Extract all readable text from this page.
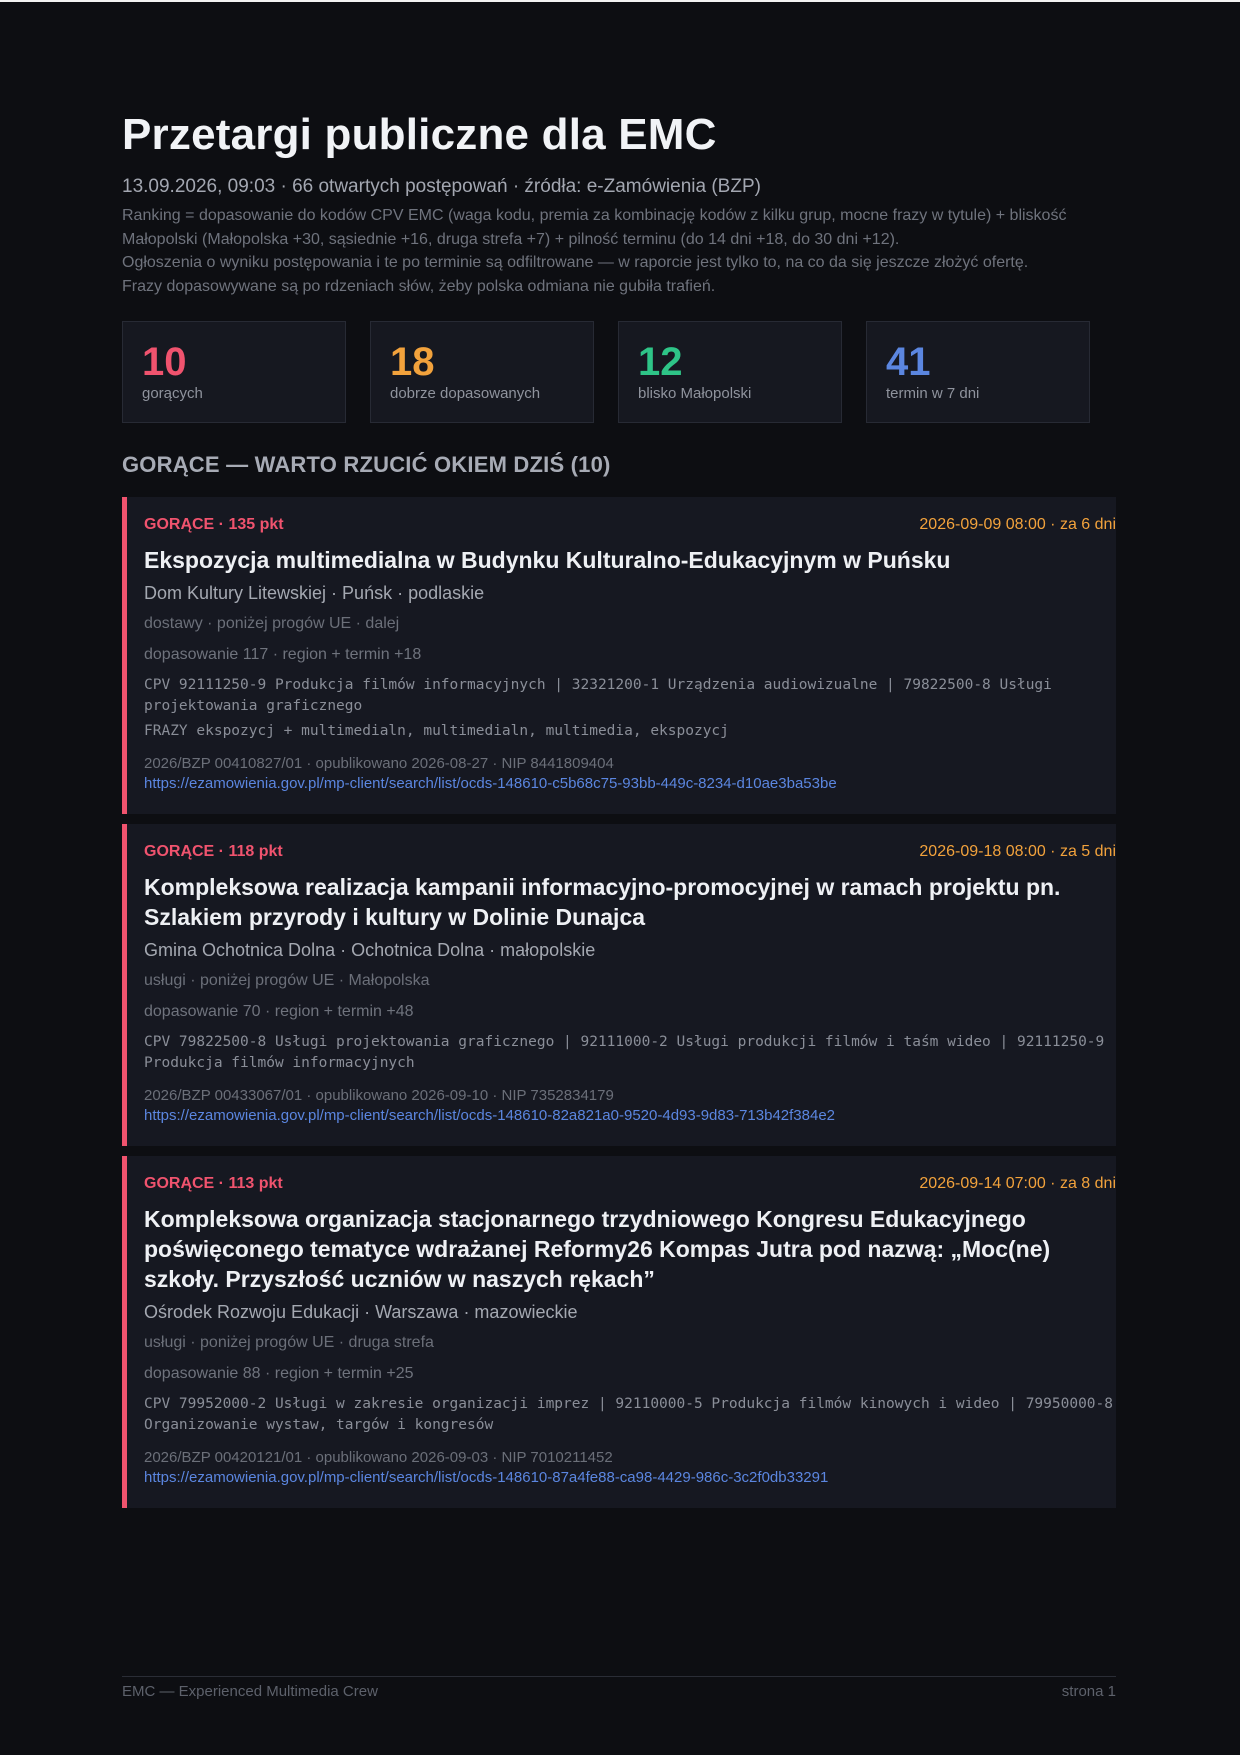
Przetargi publiczne dla EMC
13.09.2026, 09:03 · 66 otwartych postępowań · źródła: e-Zamówienia (BZP)

Ranking = dopasowanie do kodów CPV EMC (waga kodu, premia za kombinację kodów z kilku grup, mocne frazy w tytule) + bliskość Małopolski (Małopolska +30, sąsiednie +16, druga strefa +7) + pilność terminu (do 14 dni +18, do 30 dni +12).

Ogłoszenia o wyniku postępowania i te po terminie są odfiltrowane — w raporcie jest tylko to, na co da się jeszcze złożyć ofertę.

Frazy dopasowywane są po rdzeniach słów, żeby polska odmiana nie gubiła trafień.

10
gorących
18
dobrze dopasowanych
12
blisko Małopolski
41
termin w 7 dni
GORĄCE — WARTO RZUCIĆ OKIEM DZIŚ (10)
GORĄCE · 135 pkt	2026-09-09 08:00 · za 6 dni
Ekspozycja multimedialna w Budynku Kulturalno-Edukacyjnym w Puńsku
Dom Kultury Litewskiej · Puńsk · podlaskie
dostawy · poniżej progów UE · dalej
dopasowanie 117 · region + termin +18
CPV 92111250-9 Produkcja filmów informacyjnych | 32321200-1 Urządzenia audiowizualne | 79822500-8 Usługi projektowania graficznego
FRAZY ekspozycj + multimedialn, multimedialn, multimedia, ekspozycj
2026/BZP 00410827/01 · opublikowano 2026-08-27 · NIP 8441809404
https://ezamowienia.gov.pl/mp-client/search/list/ocds-148610-c5b68c75-93bb-449c-8234-d10ae3ba53be
GORĄCE · 118 pkt	2026-09-18 08:00 · za 5 dni
Kompleksowa realizacja kampanii informacyjno-promocyjnej w ramach projektu pn. Szlakiem przyrody i kultury w Dolinie Dunajca
Gmina Ochotnica Dolna · Ochotnica Dolna · małopolskie
usługi · poniżej progów UE · Małopolska
dopasowanie 70 · region + termin +48
CPV 79822500-8 Usługi projektowania graficznego | 92111000-2 Usługi produkcji filmów i taśm wideo | 92111250-9 Produkcja filmów informacyjnych
2026/BZP 00433067/01 · opublikowano 2026-09-10 · NIP 7352834179
https://ezamowienia.gov.pl/mp-client/search/list/ocds-148610-82a821a0-9520-4d93-9d83-713b42f384e2
GORĄCE · 113 pkt	2026-09-14 07:00 · za 8 dni
Kompleksowa organizacja stacjonarnego trzydniowego Kongresu Edukacyjnego poświęconego tematyce wdrażanej Reformy26 Kompas Jutra pod nazwą: „Moc(ne) szkoły. Przyszłość uczniów w naszych rękach”
Ośrodek Rozwoju Edukacji · Warszawa · mazowieckie
usługi · poniżej progów UE · druga strefa
dopasowanie 88 · region + termin +25
CPV 79952000-2 Usługi w zakresie organizacji imprez | 92110000-5 Produkcja filmów kinowych i wideo | 79950000-8 Organizowanie wystaw, targów i kongresów
2026/BZP 00420121/01 · opublikowano 2026-09-03 · NIP 7010211452
https://ezamowienia.gov.pl/mp-client/search/list/ocds-148610-87a4fe88-ca98-4429-986c-3c2f0db33291
EMC — Experienced Multimedia Crew	strona 1
